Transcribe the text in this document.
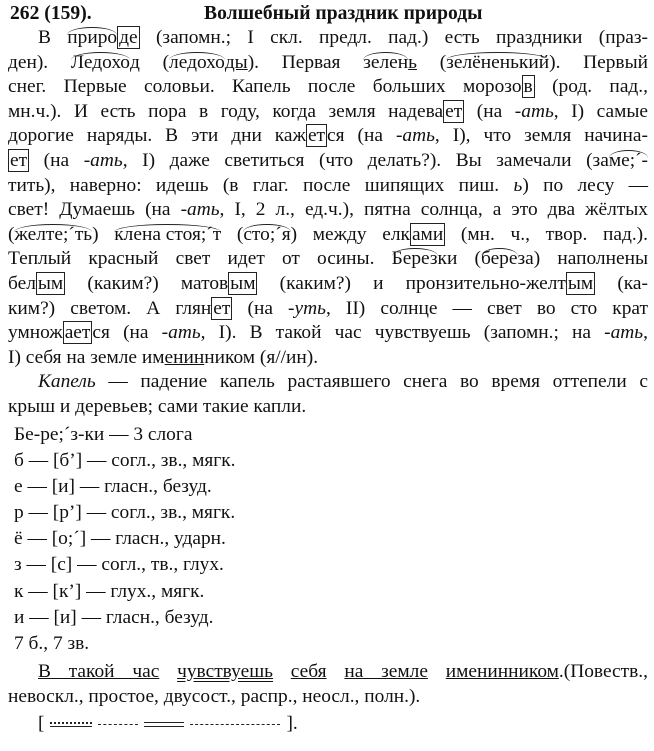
262 (159).	Волшебный праздник природы
В приро де (запомн.; I скл. предл. пад.) есть праздники (праз-
ден). Ледоход (ледоходы). Первая зелень (зелёненький). Первый
снег. Первые соловьи. Капель после больших морозо в (род. пад.,
мн.ч.). И есть пора в году, когда земля надева ет (на -ать, I) самые
дорогие наряды. В эти дни каж ет ся (на -ать, I), что земля начина-
ет (на -ать, I) даже светиться (что делать?). Вы замечали (заме;´-
тить), наверно: идешь (в глаг. после шипящих пиш. ь) по лесу —
свет! Думаешь (на -ать, I, 2 л., ед.ч.), пятна солнца, а это два жёлтых
(желте;´ть) клена стоя;´т (сто;´я) между елк ами (мн. ч., твор. пад.).
Теплый красный свет идет от осины. Березки (береза) наполнены
бел ым (каким?) матов ым (каким?) и пронзительно-желт ым (ка-
ким?) светом. А глян ет (на -уть, II) солнце — свет во сто крат
умнож ает ся (на -ать, I). В такой час чувствуешь (запомн.; на -ать,
I) себя на земле именинником (я//ин).
Капель — падение капель растаявшего снега во время оттепели с
крыш и деревьев; сами такие капли.
Бе-ре;´з-ки — 3 слога
б — [б’] — согл., зв., мягк.
е — [и] — гласн., безуд.
р — [р’] — согл., зв., мягк.
ё — [о;´] — гласн., ударн.
з — [с] — согл., тв., глух.
к — [к’] — глух., мягк.
и — [и] — гласн., безуд.
7 б., 7 зв.
В такой час чувствуешь себя на земле именинником.(Повеств.,
невоскл., простое, двусост., распр., неосл., полн.).
[	].
